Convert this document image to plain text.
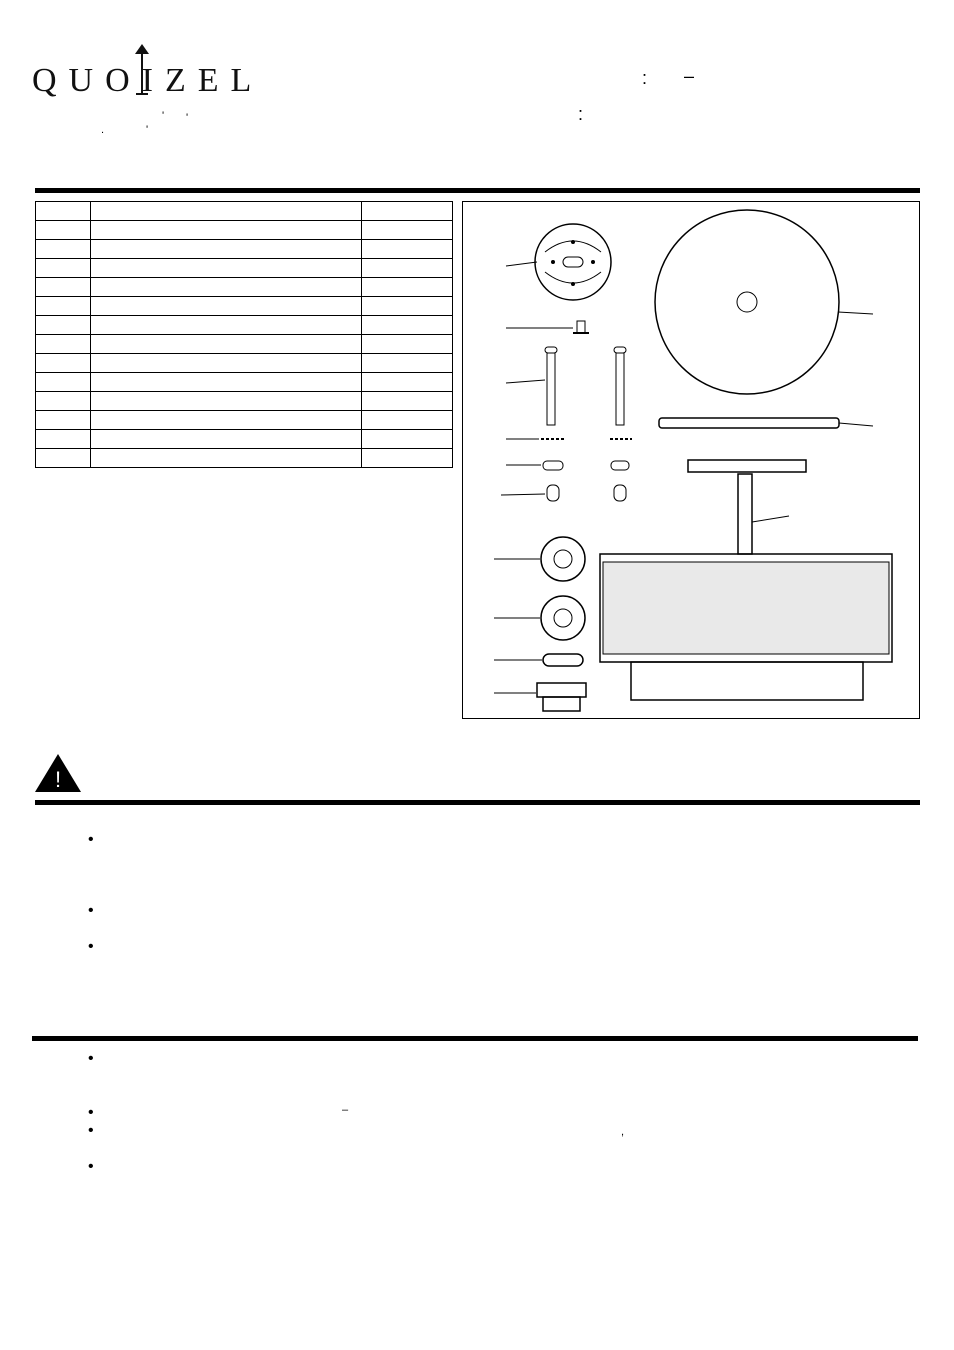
QUOIZEL
' '
.	'
: –
:

!
•
•
•
•
•	–
•	,
•
